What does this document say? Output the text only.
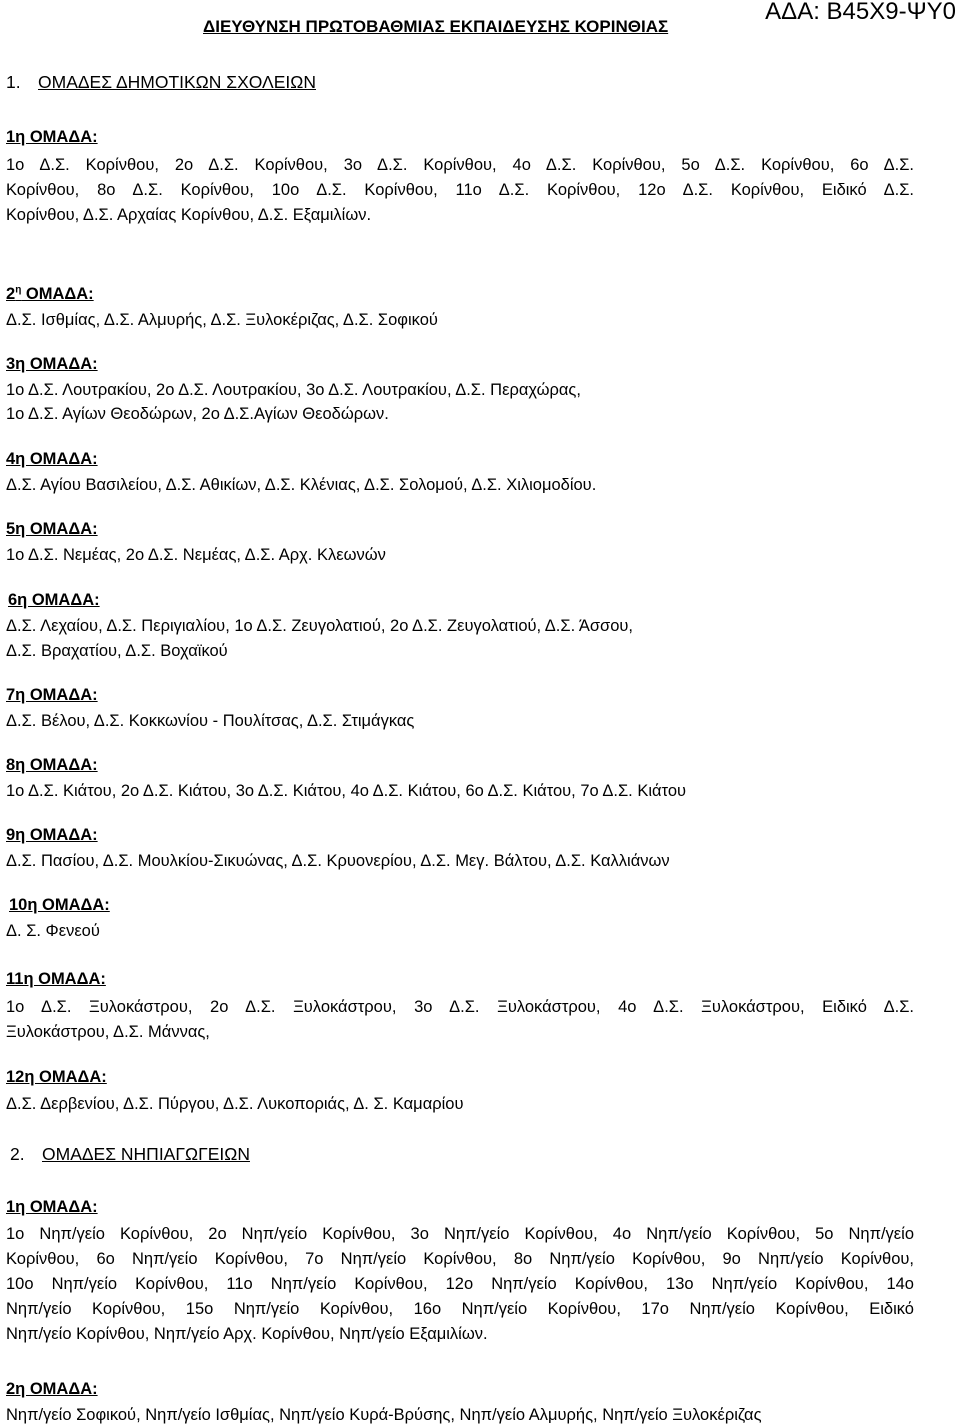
ΔΙΕΥΘΥΝΣΗ ΠΡΩΤΟΒΑΘΜΙΑΣ ΕΚΠΑΙΔΕΥΣΗΣ ΚΟΡΙΝΘΙΑΣ
ΑΔΑ: Β45Χ9-ΨΥ0
1. ΟΜΑΔΕΣ ΔΗΜΟΤΙΚΩΝ ΣΧΟΛΕΙΩΝ
1η ΟΜΑΔΑ:
1ο Δ.Σ. Κορίνθου, 2ο Δ.Σ. Κορίνθου, 3ο Δ.Σ. Κορίνθου, 4ο Δ.Σ. Κορίνθου, 5ο Δ.Σ. Κορίνθου, 6ο Δ.Σ.
Κορίνθου, 8ο Δ.Σ. Κορίνθου, 10ο Δ.Σ. Κορίνθου, 11ο Δ.Σ. Κορίνθου, 12ο Δ.Σ. Κορίνθου, Ειδικό Δ.Σ.
Κορίνθου, Δ.Σ. Αρχαίας Κορίνθου, Δ.Σ. Εξαμιλίων.
$2^\eta$ ΟΜΑΔΑ:
Δ.Σ. Ισθμίας, Δ.Σ. Αλμυρής, Δ.Σ. Ξυλοκέριζας, Δ.Σ. Σοφικού
3η ΟΜΑΔΑ:
1ο Δ.Σ. Λουτρακίου, 2ο Δ.Σ. Λουτρακίου, 3ο Δ.Σ. Λουτρακίου, Δ.Σ. Περαχώρας,
1ο Δ.Σ. Αγίων Θεοδώρων, 2ο Δ.Σ.Αγίων Θεοδώρων.
4η ΟΜΑΔΑ:
Δ.Σ. Αγίου Βασιλείου, Δ.Σ. Αθικίων, Δ.Σ. Κλένιας, Δ.Σ. Σολομού, Δ.Σ. Χιλιομοδίου.
5η ΟΜΑΔΑ:
1ο Δ.Σ. Νεμέας, 2ο Δ.Σ. Νεμέας, Δ.Σ. Αρχ. Κλεωνών
6η ΟΜΑΔΑ:
Δ.Σ. Λεχαίου, Δ.Σ. Περιγιαλίου, 1ο Δ.Σ. Ζευγολατιού, 2ο Δ.Σ. Ζευγολατιού, Δ.Σ. Άσσου,
Δ.Σ. Βραχατίου, Δ.Σ. Βοχαϊκού
7η ΟΜΑΔΑ:
Δ.Σ. Βέλου, Δ.Σ. Κοκκωνίου - Πουλίτσας, Δ.Σ. Στιμάγκας
8η ΟΜΑΔΑ:
1ο Δ.Σ. Κιάτου, 2ο Δ.Σ. Κιάτου, 3ο Δ.Σ. Κιάτου, 4ο Δ.Σ. Κιάτου, 6ο Δ.Σ. Κιάτου, 7ο Δ.Σ. Κιάτου
9η ΟΜΑΔΑ:
Δ.Σ. Πασίου, Δ.Σ. Μουλκίου-Σικυώνας, Δ.Σ. Κρυονερίου, Δ.Σ. Μεγ. Βάλτου, Δ.Σ. Καλλιάνων
10η ΟΜΑΔΑ:
Δ. Σ. Φενεού
11η ΟΜΑΔΑ:
1ο Δ.Σ. Ξυλοκάστρου, 2ο Δ.Σ. Ξυλοκάστρου, 3ο Δ.Σ. Ξυλοκάστρου, 4ο Δ.Σ. Ξυλοκάστρου, Ειδικό Δ.Σ.
Ξυλοκάστρου, Δ.Σ. Μάννας,
12η ΟΜΑΔΑ:
Δ.Σ. Δερβενίου, Δ.Σ. Πύργου, Δ.Σ. Λυκοποριάς, Δ. Σ. Καμαρίου
2. ΟΜΑΔΕΣ ΝΗΠΙΑΓΩΓΕΙΩΝ
1η ΟΜΑΔΑ:
1ο Νηπ/γείο Κορίνθου, 2ο Νηπ/γείο Κορίνθου, 3ο Νηπ/γείο Κορίνθου, 4ο Νηπ/γείο Κορίνθου, 5ο Νηπ/γείο
Κορίνθου, 6ο Νηπ/γείο Κορίνθου, 7ο Νηπ/γείο Κορίνθου, 8ο Νηπ/γείο Κορίνθου, 9ο Νηπ/γείο Κορίνθου,
10ο Νηπ/γείο Κορίνθου, 11ο Νηπ/γείο Κορίνθου, 12ο Νηπ/γείο Κορίνθου, 13ο Νηπ/γείο Κορίνθου, 14ο
Νηπ/γείο Κορίνθου, 15ο Νηπ/γείο Κορίνθου, 16ο Νηπ/γείο Κορίνθου, 17ο Νηπ/γείο Κορίνθου, Ειδικό
Νηπ/γείο Κορίνθου, Νηπ/γείο Αρχ. Κορίνθου, Νηπ/γείο Εξαμιλίων.
2η ΟΜΑΔΑ:
Νηπ/γείο Σοφικού, Νηπ/γείο Ισθμίας, Νηπ/γείο Κυρά-Βρύσης, Νηπ/γείο Αλμυρής, Νηπ/γείο Ξυλοκέριζας
